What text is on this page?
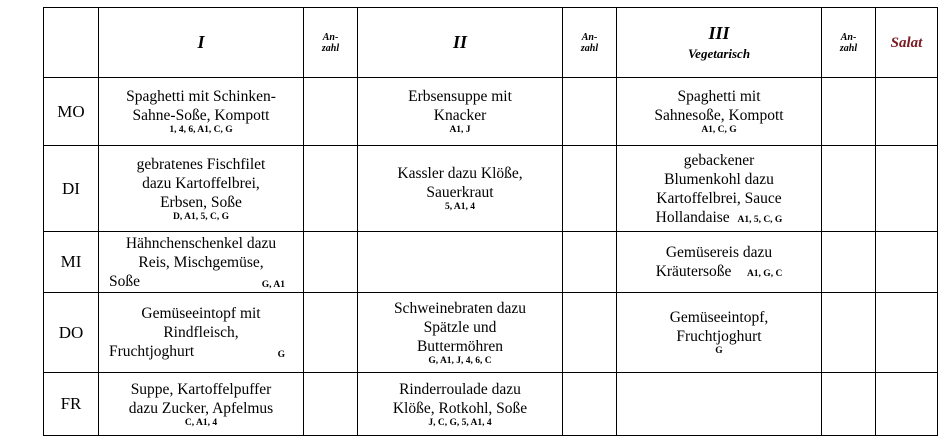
	I	An-
zahl	II	An-
zahl	III
Vegetarisch	An-
zahl	Salat
MO	Spaghetti mit Schinken-
Sahne-Soße, Kompott
1, 4, 6, A1, C, G		Erbsensuppe mit
Knacker
A1, J		Spaghetti mit
Sahnesoße, Kompott
A1, C, G		

DI	gebratenes Fischfilet
dazu Kartoffelbrei,
Erbsen, Soße
D, A1, 5, C, G		Kassler dazu Klöße,
Sauerkraut
5, A1, 4		gebackener
Blumenkohl dazu
Kartoffelbrei, Sauce
Hollandaise A1, 5, C, G		

MI	Hähnchenschenkel dazu
Reis, Mischgemüse,
Soße G, A1				Gemüsereis dazu
Kräutersoße A1, G, C		

DO	Gemüseeintopf mit
Rindfleisch,
Fruchtjoghurt G		Schweinebraten dazu
Spätzle und
Buttermöhren
G, A1, J, 4, 6, C		Gemüseeintopf,
Fruchtjoghurt
G		

FR	Suppe, Kartoffelpuffer
dazu Zucker, Apfelmus
C, A1, 4		Rinderroulade dazu
Klöße, Rotkohl, Soße
J, C, G, 5, A1, 4				
